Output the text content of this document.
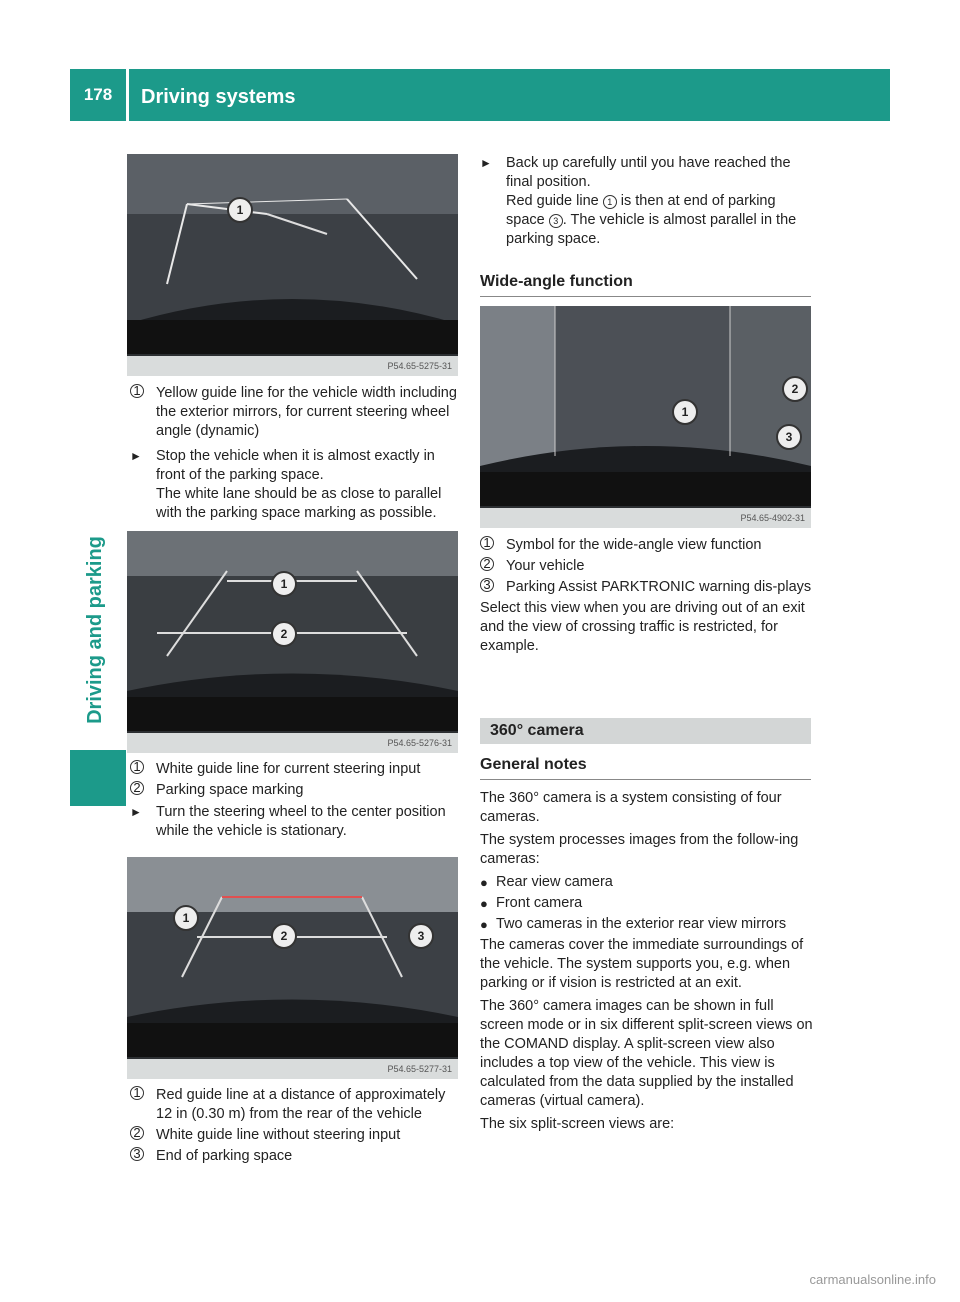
178	Driving systems
Driving and parking
1
P54.65-5275-31
1 Yellow guide line for the vehicle width including the exterior mirrors, for current steering wheel angle (dynamic)
► Stop the vehicle when it is almost exactly in front of the parking space.
The white lane should be as close to parallel with the parking space marking as possible.
1
2
P54.65-5276-31
1 White guide line for current steering input
2 Parking space marking
► Turn the steering wheel to the center position while the vehicle is stationary.
1
2	3
P54.65-5277-31
1 Red guide line at a distance of approximately 12 in (0.30 m) from the rear of the vehicle
2 White guide line without steering input
3 End of parking space
► Back up carefully until you have reached the final position.
Red guide line 1 is then at end of parking space 3 . The vehicle is almost parallel in the parking space.
Wide-angle function
1
2
3
P54.65-4902-31
1 Symbol for the wide-angle view function
2 Your vehicle
3 Parking Assist PARKTRONIC warning dis-plays

Select this view when you are driving out of an exit and the view of crossing traffic is restricted, for example.

360° camera
General notes

The 360° camera is a system consisting of four cameras.

The system processes images from the follow-ing cameras:

● Rear view camera
● Front camera
● Two cameras in the exterior rear view mirrors

The cameras cover the immediate surroundings of the vehicle. The system supports you, e.g. when parking or if vision is restricted at an exit.

The 360° camera images can be shown in full screen mode or in six different split-screen views on the COMAND display. A split-screen view also includes a top view of the vehicle. This view is calculated from the data supplied by the installed cameras (virtual camera).

The six split-screen views are:

carmanualsonline.info
